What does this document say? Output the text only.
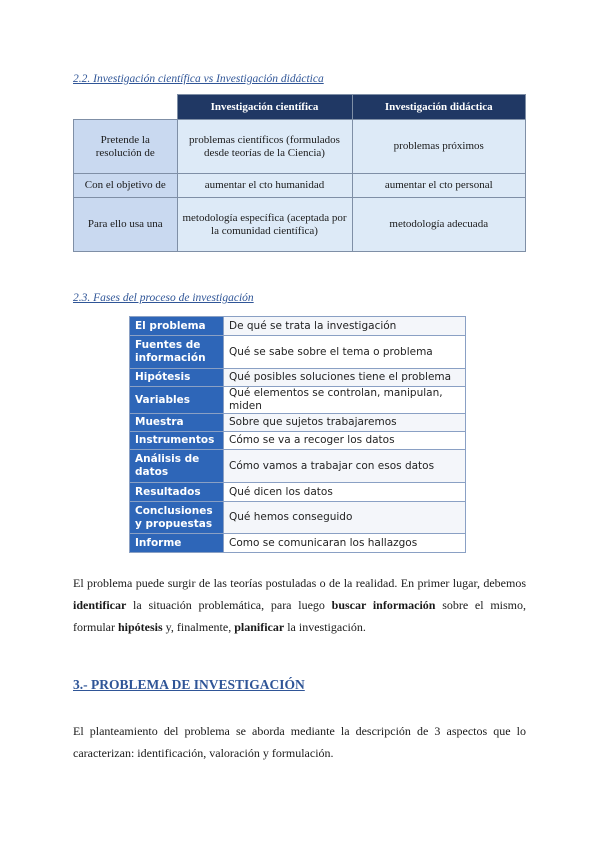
2.2. Investigación científica vs Investigación didáctica
	Investigación científica	Investigación didáctica
Pretende la resolución de	problemas científicos (formulados desde teorías de la Ciencia)	problemas próximos
Con el objetivo de	aumentar el cto humanidad	aumentar el cto personal
Para ello usa una	metodología específica (aceptada por la comunidad científica)	metodología adecuada
2.3. Fases del proceso de investigación
El problema	De qué se trata la investigación
Fuentes de información	Qué se sabe sobre el tema o problema
Hipótesis	Qué posibles soluciones tiene el problema
Variables	Qué elementos se controlan, manipulan, miden
Muestra	Sobre que sujetos trabajaremos
Instrumentos	Cómo se va a recoger los datos
Análisis de datos	Cómo vamos a trabajar con esos datos
Resultados	Qué dicen los datos
Conclusiones y propuestas	Qué hemos conseguido
Informe	Como se comunicaran los hallazgos
El problema puede surgir de las teorías postuladas o de la realidad. En primer lugar, debemos identificar la situación problemática, para luego buscar información sobre el mismo, formular hipótesis y, finalmente, planificar la investigación.
3.- PROBLEMA DE INVESTIGACIÓN
El planteamiento del problema se aborda mediante la descripción de 3 aspectos que lo caracterizan: identificación, valoración y formulación.
